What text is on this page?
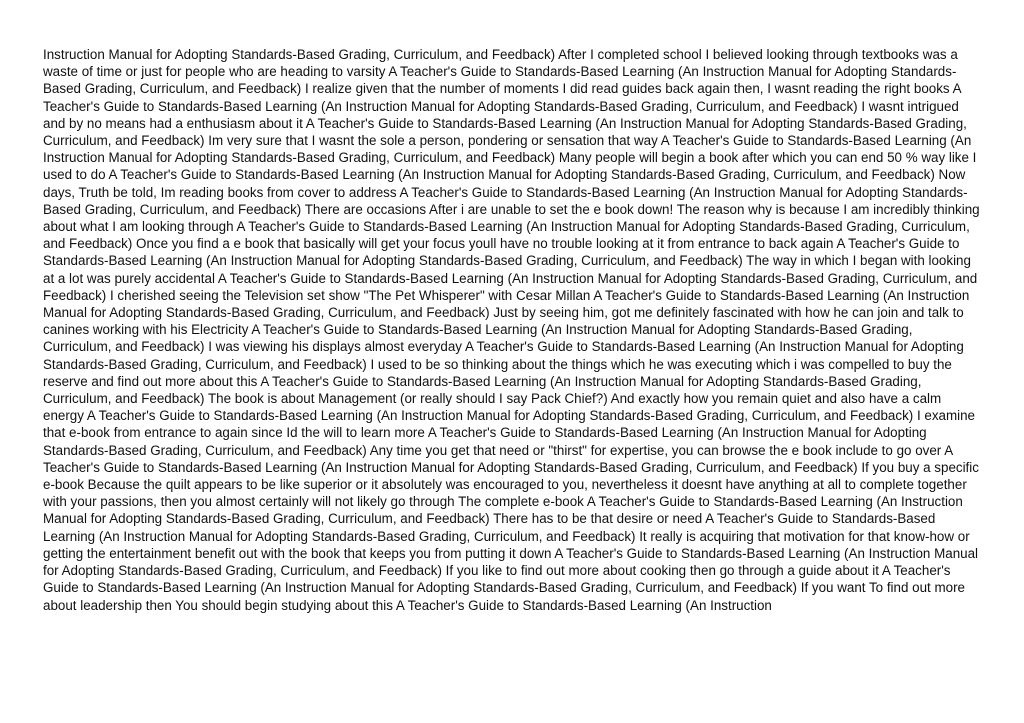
Instruction Manual for Adopting Standards-Based Grading, Curriculum, and Feedback) After I completed school I believed looking through textbooks was a waste of time or just for people who are heading to varsity A Teacher's Guide to Standards-Based Learning (An Instruction Manual for Adopting Standards-Based Grading, Curriculum, and Feedback) I realize given that the number of moments I did read guides back again then, I wasnt reading the right books A Teacher's Guide to Standards-Based Learning (An Instruction Manual for Adopting Standards-Based Grading, Curriculum, and Feedback) I wasnt intrigued and by no means had a enthusiasm about it A Teacher's Guide to Standards-Based Learning (An Instruction Manual for Adopting Standards-Based Grading, Curriculum, and Feedback) Im very sure that I wasnt the sole a person, pondering or sensation that way A Teacher's Guide to Standards-Based Learning (An Instruction Manual for Adopting Standards-Based Grading, Curriculum, and Feedback) Many people will begin a book after which you can end 50 % way like I used to do A Teacher's Guide to Standards-Based Learning (An Instruction Manual for Adopting Standards-Based Grading, Curriculum, and Feedback) Now days, Truth be told, Im reading books from cover to address A Teacher's Guide to Standards-Based Learning (An Instruction Manual for Adopting Standards-Based Grading, Curriculum, and Feedback) There are occasions After i are unable to set the e book down! The reason why is because I am incredibly thinking about what I am looking through A Teacher's Guide to Standards-Based Learning (An Instruction Manual for Adopting Standards-Based Grading, Curriculum, and Feedback) Once you find a e book that basically will get your focus youll have no trouble looking at it from entrance to back again A Teacher's Guide to Standards-Based Learning (An Instruction Manual for Adopting Standards-Based Grading, Curriculum, and Feedback) The way in which I began with looking at a lot was purely accidental A Teacher's Guide to Standards-Based Learning (An Instruction Manual for Adopting Standards-Based Grading, Curriculum, and Feedback) I cherished seeing the Television set show "The Pet Whisperer" with Cesar Millan A Teacher's Guide to Standards-Based Learning (An Instruction Manual for Adopting Standards-Based Grading, Curriculum, and Feedback) Just by seeing him, got me definitely fascinated with how he can join and talk to canines working with his Electricity A Teacher's Guide to Standards-Based Learning (An Instruction Manual for Adopting Standards-Based Grading, Curriculum, and Feedback) I was viewing his displays almost everyday A Teacher's Guide to Standards-Based Learning (An Instruction Manual for Adopting Standards-Based Grading, Curriculum, and Feedback) I used to be so thinking about the things which he was executing which i was compelled to buy the reserve and find out more about this A Teacher's Guide to Standards-Based Learning (An Instruction Manual for Adopting Standards-Based Grading, Curriculum, and Feedback) The book is about Management (or really should I say Pack Chief?) And exactly how you remain quiet and also have a calm energy A Teacher's Guide to Standards-Based Learning (An Instruction Manual for Adopting Standards-Based Grading, Curriculum, and Feedback) I examine that e-book from entrance to again since Id the will to learn more A Teacher's Guide to Standards-Based Learning (An Instruction Manual for Adopting Standards-Based Grading, Curriculum, and Feedback) Any time you get that need or "thirst" for expertise, you can browse the e book include to go over A Teacher's Guide to Standards-Based Learning (An Instruction Manual for Adopting Standards-Based Grading, Curriculum, and Feedback) If you buy a specific e-book Because the quilt appears to be like superior or it absolutely was encouraged to you, nevertheless it doesnt have anything at all to complete together with your passions, then you almost certainly will not likely go through The complete e-book A Teacher's Guide to Standards-Based Learning (An Instruction Manual for Adopting Standards-Based Grading, Curriculum, and Feedback) There has to be that desire or need A Teacher's Guide to Standards-Based Learning (An Instruction Manual for Adopting Standards-Based Grading, Curriculum, and Feedback) It really is acquiring that motivation for that know-how or getting the entertainment benefit out with the book that keeps you from putting it down A Teacher's Guide to Standards-Based Learning (An Instruction Manual for Adopting Standards-Based Grading, Curriculum, and Feedback) If you like to find out more about cooking then go through a guide about it A Teacher's Guide to Standards-Based Learning (An Instruction Manual for Adopting Standards-Based Grading, Curriculum, and Feedback) If you want To find out more about leadership then You should begin studying about this A Teacher's Guide to Standards-Based Learning (An Instruction
